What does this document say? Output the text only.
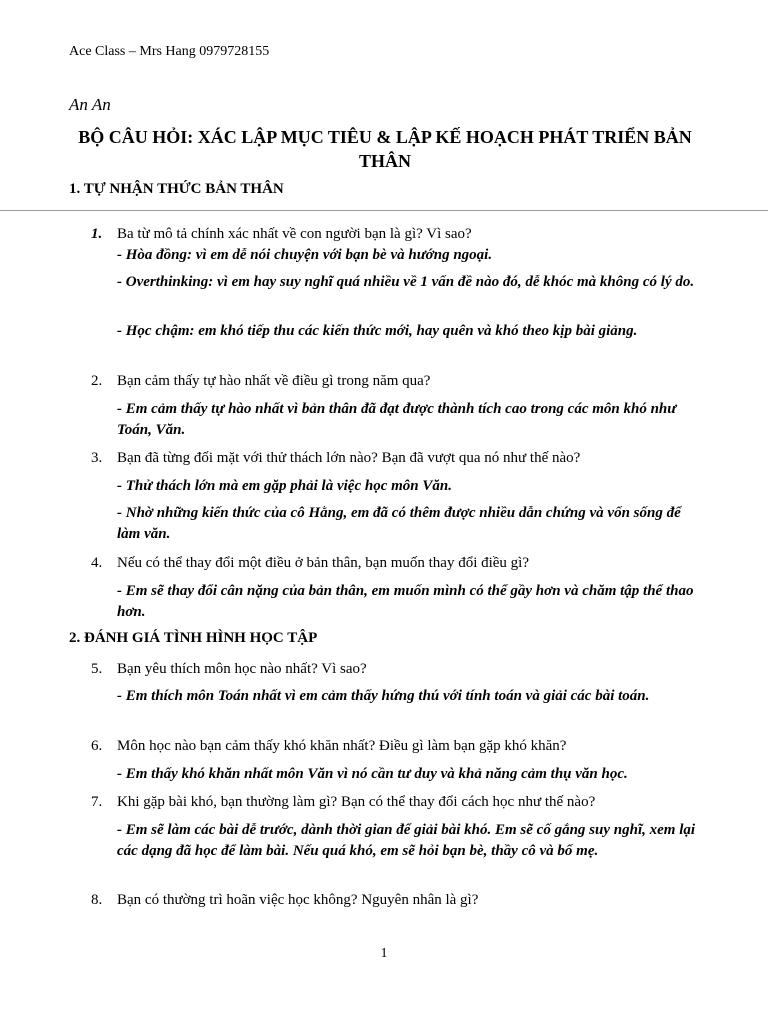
Ace Class – Mrs Hang 0979728155
An An
BỘ CÂU HỎI: XÁC LẬP MỤC TIÊU & LẬP KẾ HOẠCH PHÁT TRIỂN BẢN THÂN
1. TỰ NHẬN THỨC BẢN THÂN
1. Ba từ mô tả chính xác nhất về con người bạn là gì? Vì sao?
- Hòa đồng: vì em dễ nói chuyện với bạn bè và hướng ngoại.
- Overthinking: vì em hay suy nghĩ quá nhiều về 1 vấn đề nào đó, dễ khóc mà không có lý do.
- Học chậm: em khó tiếp thu các kiến thức mới, hay quên và khó theo kịp bài giảng.
2. Bạn cảm thấy tự hào nhất về điều gì trong năm qua?
- Em cảm thấy tự hào nhất vì bản thân đã đạt được thành tích cao trong các môn khó như Toán, Văn.
3. Bạn đã từng đối mặt với thử thách lớn nào? Bạn đã vượt qua nó như thế nào?
- Thử thách lớn mà em gặp phải là việc học môn Văn.
- Nhờ những kiến thức của cô Hằng, em đã có thêm được nhiều dẫn chứng và vốn sống để làm văn.
4. Nếu có thể thay đổi một điều ở bản thân, bạn muốn thay đổi điều gì?
- Em sẽ thay đổi cân nặng của bản thân, em muốn mình có thể gầy hơn và chăm tập thể thao hơn.
2. ĐÁNH GIÁ TÌNH HÌNH HỌC TẬP
5. Bạn yêu thích môn học nào nhất? Vì sao?
- Em thích môn Toán nhất vì em cảm thấy hứng thú với tính toán và giải các bài toán.
6. Môn học nào bạn cảm thấy khó khăn nhất? Điều gì làm bạn gặp khó khăn?
- Em thấy khó khăn nhất môn Văn vì nó cần tư duy và khả năng cảm thụ văn học.
7. Khi gặp bài khó, bạn thường làm gì? Bạn có thể thay đổi cách học như thế nào?
- Em sẽ làm các bài dễ trước, dành thời gian để giải bài khó. Em sẽ cố gắng suy nghĩ, xem lại các dạng đã học để làm bài. Nếu quá khó, em sẽ hỏi bạn bè, thầy cô và bố mẹ.
8. Bạn có thường trì hoãn việc học không? Nguyên nhân là gì?
1
